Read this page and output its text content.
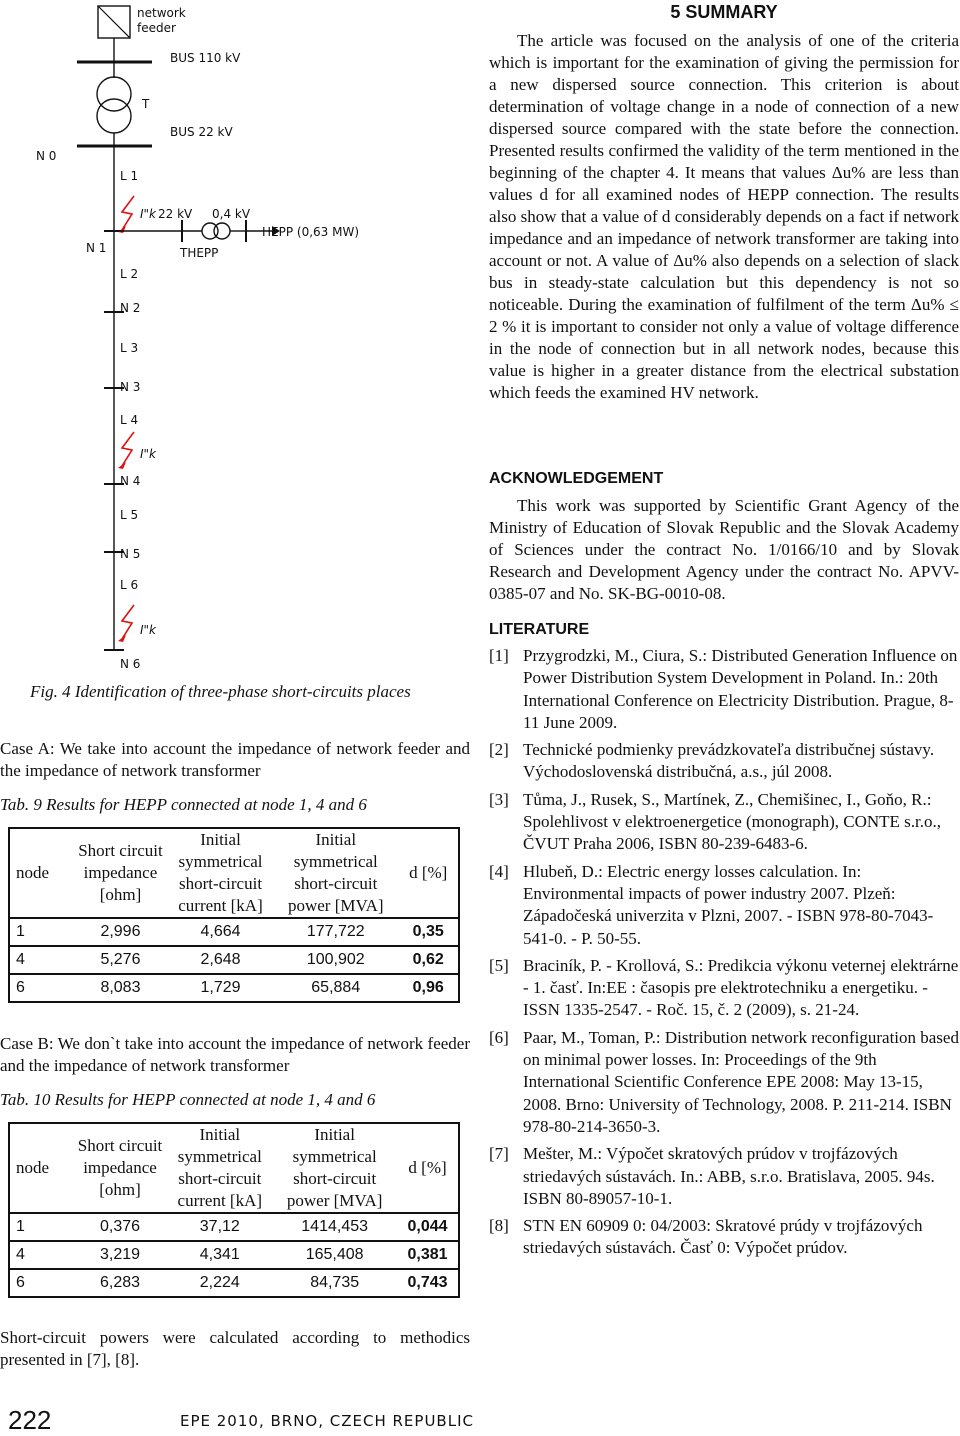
network
feeder
BUS 110 kV
T
BUS 22 kV
N 0
L 1
N 1
L 2
N 2
L 3
N 3
L 4
N 4
L 5
N 5
L 6
N 6
I"k
I"k
I"k
22 kV 0,4 kV
HEPP (0,63 MW)
THEPP
Fig. 4 Identification of three-phase short-circuits places
Case A: We take into account the impedance of network feeder and the impedance of network transformer
Tab. 9 Results for HEPP connected at node 1, 4 and 6
node	Short circuit impedance [ohm]	Initial symmetrical short-circuit current [kA]	Initial symmetrical short-circuit power [MVA]	d [%]
1	2,996	4,664	177,722	0,35
4	5,276	2,648	100,902	0,62
6	8,083	1,729	65,884	0,96
Case B: We don`t take into account the impedance of network feeder and the impedance of network transformer
Tab. 10 Results for HEPP connected at node 1, 4 and 6
node	Short circuit impedance [ohm]	Initial symmetrical short-circuit current [kA]	Initial symmetrical short-circuit power [MVA]	d [%]
1	0,376	37,12	1414,453	0,044
4	3,219	4,341	165,408	0,381
6	6,283	2,224	84,735	0,743
Short-circuit powers were calculated according to methodics presented in [7], [8].
222	EPE 2010, BRNO, CZECH REPUBLIC
5 SUMMARY

The article was focused on the analysis of one of the criteria which is important for the examination of giving the permission for a new dispersed source connection. This criterion is about determination of voltage change in a node of connection of a new dispersed source compared with the state before the connection. Presented results confirmed the validity of the term mentioned in the beginning of the chapter 4. It means that values Δu% are less than values d for all examined nodes of HEPP connection. The results also show that a value of d considerably depends on a fact if network impedance and an impedance of network transformer are taking into account or not. A value of Δu% also depends on a selection of slack bus in steady-state calculation but this dependency is not so noticeable. During the examination of fulfilment of the term Δu% ≤ 2 % it is important to consider not only a value of voltage difference in the node of connection but in all network nodes, because this value is higher in a greater distance from the electrical substation which feeds the examined HV network.

ACKNOWLEDGEMENT

This work was supported by Scientific Grant Agency of the Ministry of Education of Slovak Republic and the Slovak Academy of Sciences under the contract No. 1/0166/10 and by Slovak Research and Development Agency under the contract No. APVV-0385-07 and No. SK-BG-0010-08.

LITERATURE
[1] Przygrodzki, M., Ciura, S.: Distributed Generation Influence on Power Distribution System Development in Poland. In.: 20th International Conference on Electricity Distribution. Prague, 8-11 June 2009.
[2] Technické podmienky prevádzkovateľa distribučnej sústavy. Východoslovenská distribučná, a.s., júl 2008.
[3] Tůma, J., Rusek, S., Martínek, Z., Chemišinec, I., Goňo, R.: Spolehlivost v elektroenergetice (monograph), CONTE s.r.o., ČVUT Praha 2006, ISBN 80-239-6483-6.
[4] Hlubeň, D.: Electric energy losses calculation. In: Environmental impacts of power industry 2007. Plzeň: Západočeská univerzita v Plzni, 2007. - ISBN 978-80-7043-541-0. - P. 50-55.
[5] Braciník, P. - Krollová, S.: Predikcia výkonu veternej elektrárne - 1. časť. In:EE : časopis pre elektrotechniku a energetiku. - ISSN 1335-2547. - Roč. 15, č. 2 (2009), s. 21-24.
[6] Paar, M., Toman, P.: Distribution network reconfiguration based on minimal power losses. In: Proceedings of the 9th International Scientific Conference EPE 2008: May 13-15, 2008. Brno: University of Technology, 2008. P. 211-214. ISBN 978-80-214-3650-3.
[7] Mešter, M.: Výpočet skratových prúdov v trojfázových striedavých sústavách. In.: ABB, s.r.o. Bratislava, 2005. 94s. ISBN 80-89057-10-1.
[8] STN EN 60909 0: 04/2003: Skratové prúdy v trojfázových striedavých sústavách. Časť 0: Výpočet prúdov.
